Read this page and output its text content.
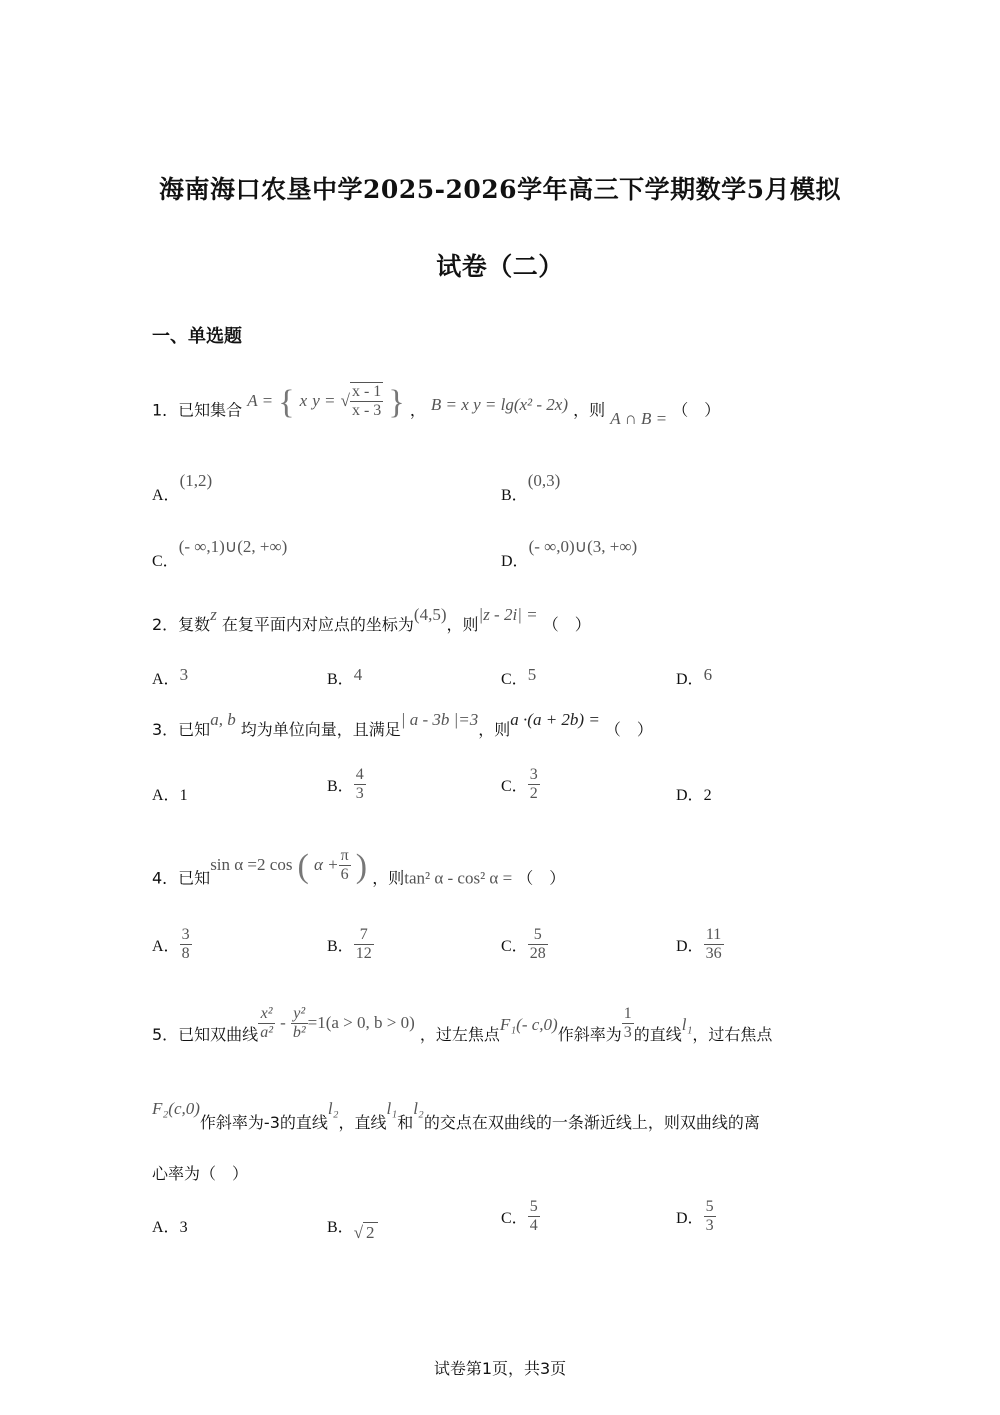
海南海口农垦中学2025-2026学年高三下学期数学5月模拟
试卷（二）
一、单选题
1．已知集合 A = { x y = √ $\frac{x - 1}{x - 3}$ } ， B = x y = lg(x² - 2x) ，则 A ∩ B = （　）
A．(1,2)
B．(0,3)
C．(- ∞,1)∪(2, +∞)
D．(- ∞,0)∪(3, +∞)
2．复数z 在复平面内对应点的坐标为(4,5)，则|z - 2i| = （　）
A．3	B．4	C．5	D．6
3．已知a, b 均为单位向量，且满足| a - 3b |=3，则a ·(a + 2b) = （　）
A．1
B． $\frac{4}{3}$	C． $\frac{3}{2}$	D．2
4．已知sin α =2 cos ( $\alpha + \frac{\pi}{6}$ ) ，则tan² α - cos² α = （　）
A． $\frac{3}{8}$	B． $\frac{7}{12}$	C． $\frac{5}{28}$	D． $\frac{11}{36}$
5．已知双曲线 $\frac{\text{x²}}{\text{a²}} - \frac{\text{y²}}{\text{b²}} =1(a > 0$, b > 0) ，过左焦点F₁(- c,0)作斜率为 $\frac{1}{3}$ 的直线l₁，过右焦点
F₂(c,0)作斜率为-3的直线l₂，直线l₁和l₂的交点在双曲线的一条渐近线上，则双曲线的离
心率为（　）
A．3	B．√ 2
C． $\frac{5}{4}$	D． $\frac{5}{3}$
试卷第1页，共3页
